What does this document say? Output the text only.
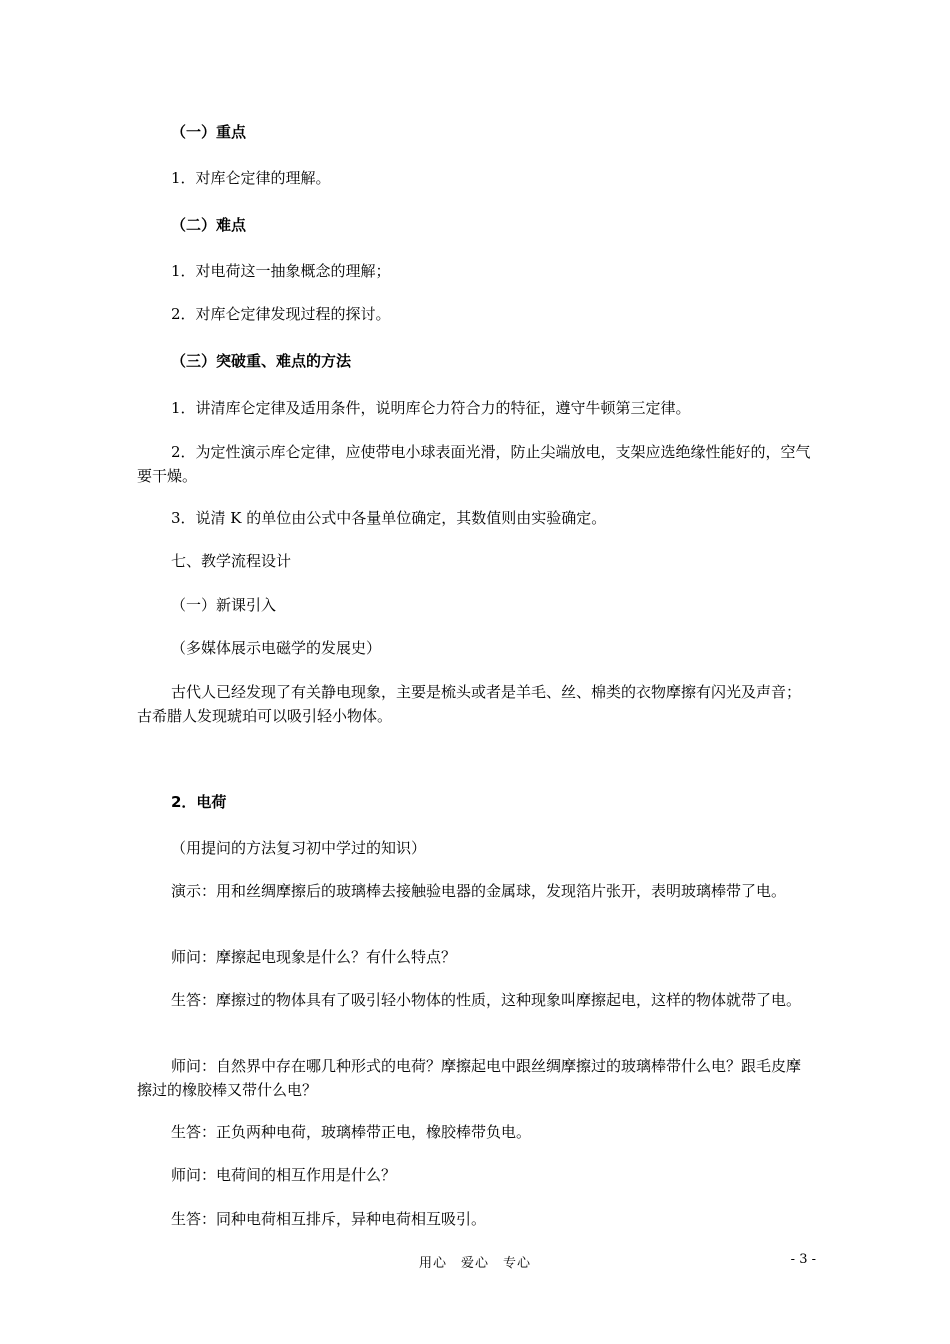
（一）重点
1．对库仑定律的理解。
（二）难点
1．对电荷这一抽象概念的理解；
2．对库仑定律发现过程的探讨。
（三）突破重、难点的方法
1．讲清库仑定律及适用条件，说明库仑力符合力的特征，遵守牛顿第三定律。
2．为定性演示库仑定律，应使带电小球表面光滑，防止尖端放电，支架应选绝缘性能好的，空气要干燥。
3．说清 K 的单位由公式中各量单位确定，其数值则由实验确定。
七、教学流程设计
（一）新课引入
（多媒体展示电磁学的发展史）
古代人已经发现了有关静电现象，主要是梳头或者是羊毛、丝、棉类的衣物摩擦有闪光及声音；古希腊人发现琥珀可以吸引轻小物体。
2．电荷
（用提问的方法复习初中学过的知识）
演示：用和丝绸摩擦后的玻璃棒去接触验电器的金属球，发现箔片张开，表明玻璃棒带了电。
师问：摩擦起电现象是什么？有什么特点？
生答：摩擦过的物体具有了吸引轻小物体的性质，这种现象叫摩擦起电，这样的物体就带了电。
师问：自然界中存在哪几种形式的电荷？摩擦起电中跟丝绸摩擦过的玻璃棒带什么电？跟毛皮摩擦过的橡胶棒又带什么电？
生答：正负两种电荷，玻璃棒带正电，橡胶棒带负电。
师问：电荷间的相互作用是什么？
生答：同种电荷相互排斥，异种电荷相互吸引。
用心　爱心　专心	- 3 -
